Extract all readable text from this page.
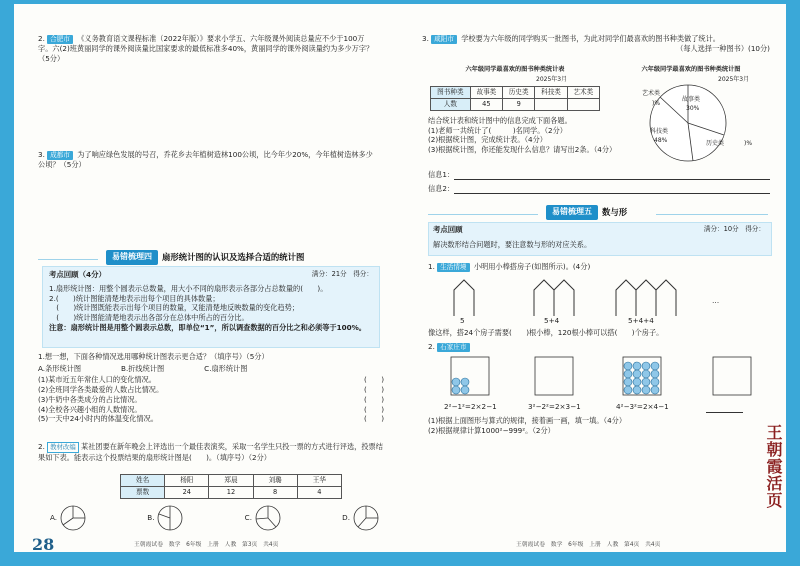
2. 合肥市 《义务教育语文课程标准（2022年版）》要求小学五、六年级课外阅读总量应不少于100万字。六(2)班黄丽同学的课外阅读量比国家要求的最低标准多40%，黄丽同学的课外阅读量约为多少万字？（5分）
3. 成都市 为了响应绿色发展的号召，乔花乡去年植树造林100公顷，比今年少20%，今年植树造林多少公顷？（5分）
易错梳理四	扇形统计图的认识及选择合适的统计图
考点回顾（4分）	满分：21分　得分：
1.扇形统计图：用整个圆表示总数量，用大小不同的扇形表示各部分占总数量的(　　)。
2.(　　)统计图能清楚地表示出每个项目的具体数量；
　(　　)统计图既能表示出每个项目的数量，又能清楚地反映数量的变化趋势；
　(　　)统计图能清楚地表示出各部分在总体中所占的百分比。
注意：扇形统计图是用整个圆表示总数，即单位“1”，所以调查数据的百分比之和必须等于100%。
1.想一想，下面各种情况选用哪种统计图表示更合适？（填序号）（5分）
A.条形统计图	B.折线统计图	C.扇形统计图
(1)某市近五年常住人口的变化情况。	(　　)
(2)全班同学各类最爱的人数占比情况。	(　　)
(3)牛奶中各类成分的占比情况。	(　　)
(4)全校各兴趣小组的人数情况。	(　　)
(5)一天中24小时内的体温变化情况。	(　　)
2. 教材改编 某社团要在新年晚会上评选出一个最佳表演奖，采取一名学生只投一票的方式进行评选，投票结果如下表。能表示这个投票结果的扇形统计图是(　　)。（填序号）（2分）
姓名	杨阳	郑晨	刘璐	王华
票数	24	12	8	4
A.	B.	C.	D.
28	王朝霞试卷　数学　6年级　上册　人教　第3页　共4页
3. 咸阳市 学校要为六年级的同学购买一批图书，为此对同学们最喜欢的图书种类做了统计。
（每人选择一种图书）(10分)
六年级同学最喜欢的图书种类统计表
2025年3月
图书种类	故事类	历史类	科技类	艺术类
人数	45	9		
六年级同学最喜欢的图书种类统计图
2025年3月
故事类
30%
艺术类
)%
科技类
48%	历史类	)%
结合统计表和统计图中的信息完成下面各题。
(1)老师一共统计了(　　　)名同学。（2分）
(2)根据统计图，完成统计表。（4分）
(3)根据统计图，你还能发现什么信息？请写出2条。（4分）
信息1：
信息2：
易错梳理五	数与形
考点回顾	满分：10分　得分：
解决数形结合问题时，要注意数与形的对应关系。
1. 生活情境 小明用小棒搭房子(如图所示)。(4分)
5	5+4	5+4+4
…
像这样，搭24个房子需要(　　)根小棒，120根小棒可以搭(　　)个房子。
2. 石家庄市
2²−1²=2×2−1	3²−2²=2×3−1	4²−3²=2×4−1

(1)根据上面图形与算式的规律，接着画一画，填一填。（4分）
(2)根据规律计算1000²−999²。（2分）
王朝霞试卷　数学　6年级　上册　人教　第4页　共4页
王朝霞活页
